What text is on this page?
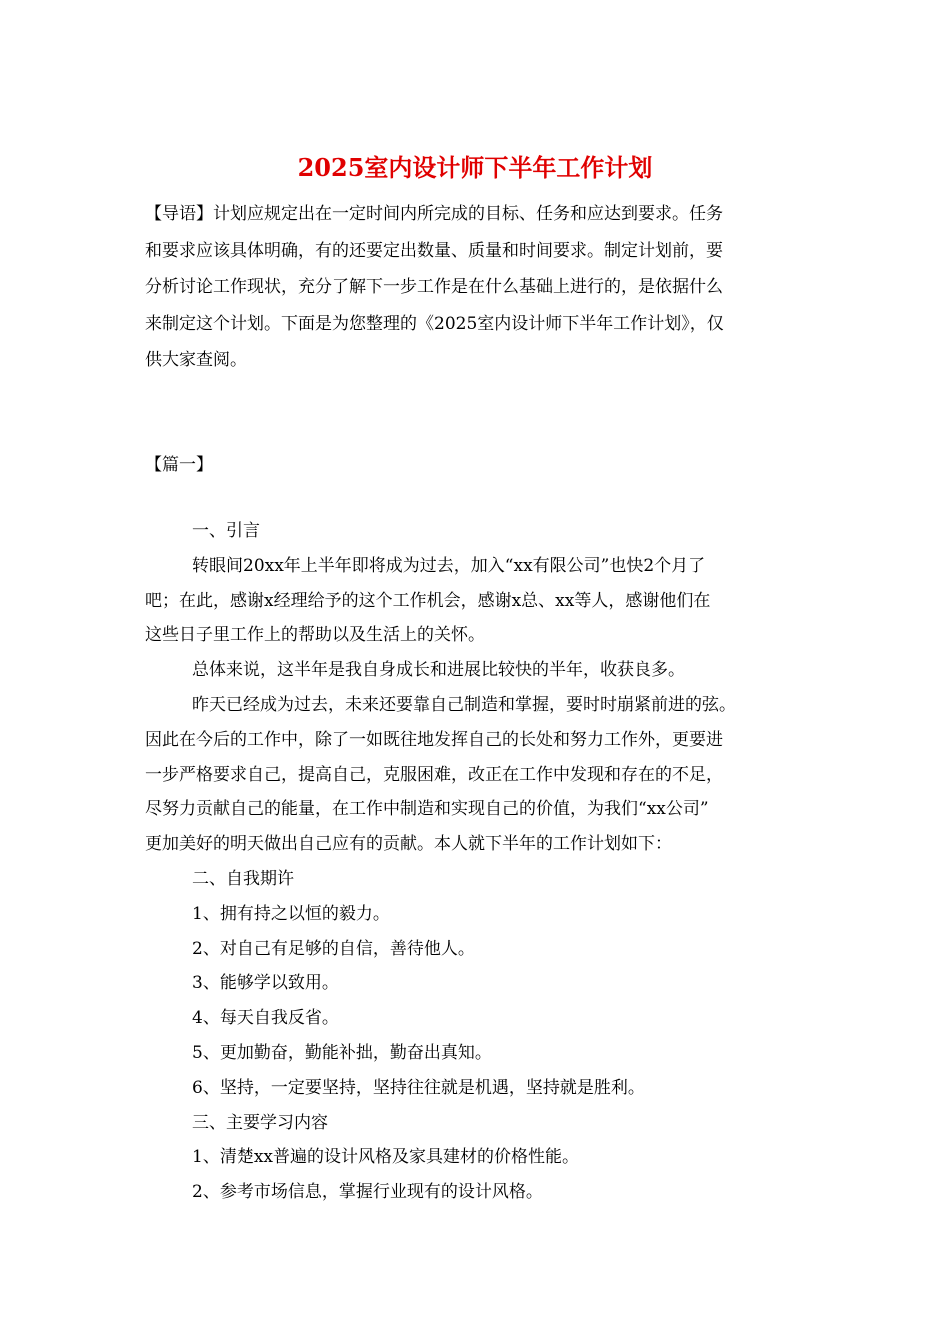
2025室内设计师下半年工作计划

【导语】计划应规定出在一定时间内所完成的目标、任务和应达到要求。任务

和要求应该具体明确，有的还要定出数量、质量和时间要求。制定计划前，要

分析讨论工作现状，充分了解下一步工作是在什么基础上进行的，是依据什么

来制定这个计划。下面是为您整理的《2025室内设计师下半年工作计划》，仅

供大家查阅。

【篇一】

一、引言

转眼间20xx年上半年即将成为过去，加入“xx有限公司”也快2个月了

吧；在此，感谢x经理给予的这个工作机会，感谢x总、xx等人，感谢他们在

这些日子里工作上的帮助以及生活上的关怀。

总体来说，这半年是我自身成长和进展比较快的半年，收获良多。

昨天已经成为过去，未来还要靠自己制造和掌握，要时时崩紧前进的弦。

因此在今后的工作中，除了一如既往地发挥自己的长处和努力工作外，更要进

一步严格要求自己，提高自己，克服困难，改正在工作中发现和存在的不足，

尽努力贡献自己的能量，在工作中制造和实现自己的价值，为我们“xx公司”

更加美好的明天做出自己应有的贡献。本人就下半年的工作计划如下：

二、自我期许

1、拥有持之以恒的毅力。

2、对自己有足够的自信，善待他人。

3、能够学以致用。

4、每天自我反省。

5、更加勤奋，勤能补拙，勤奋出真知。

6、坚持，一定要坚持，坚持往往就是机遇，坚持就是胜利。

三、主要学习内容

1、清楚xx普遍的设计风格及家具建材的价格性能。

2、参考市场信息，掌握行业现有的设计风格。
